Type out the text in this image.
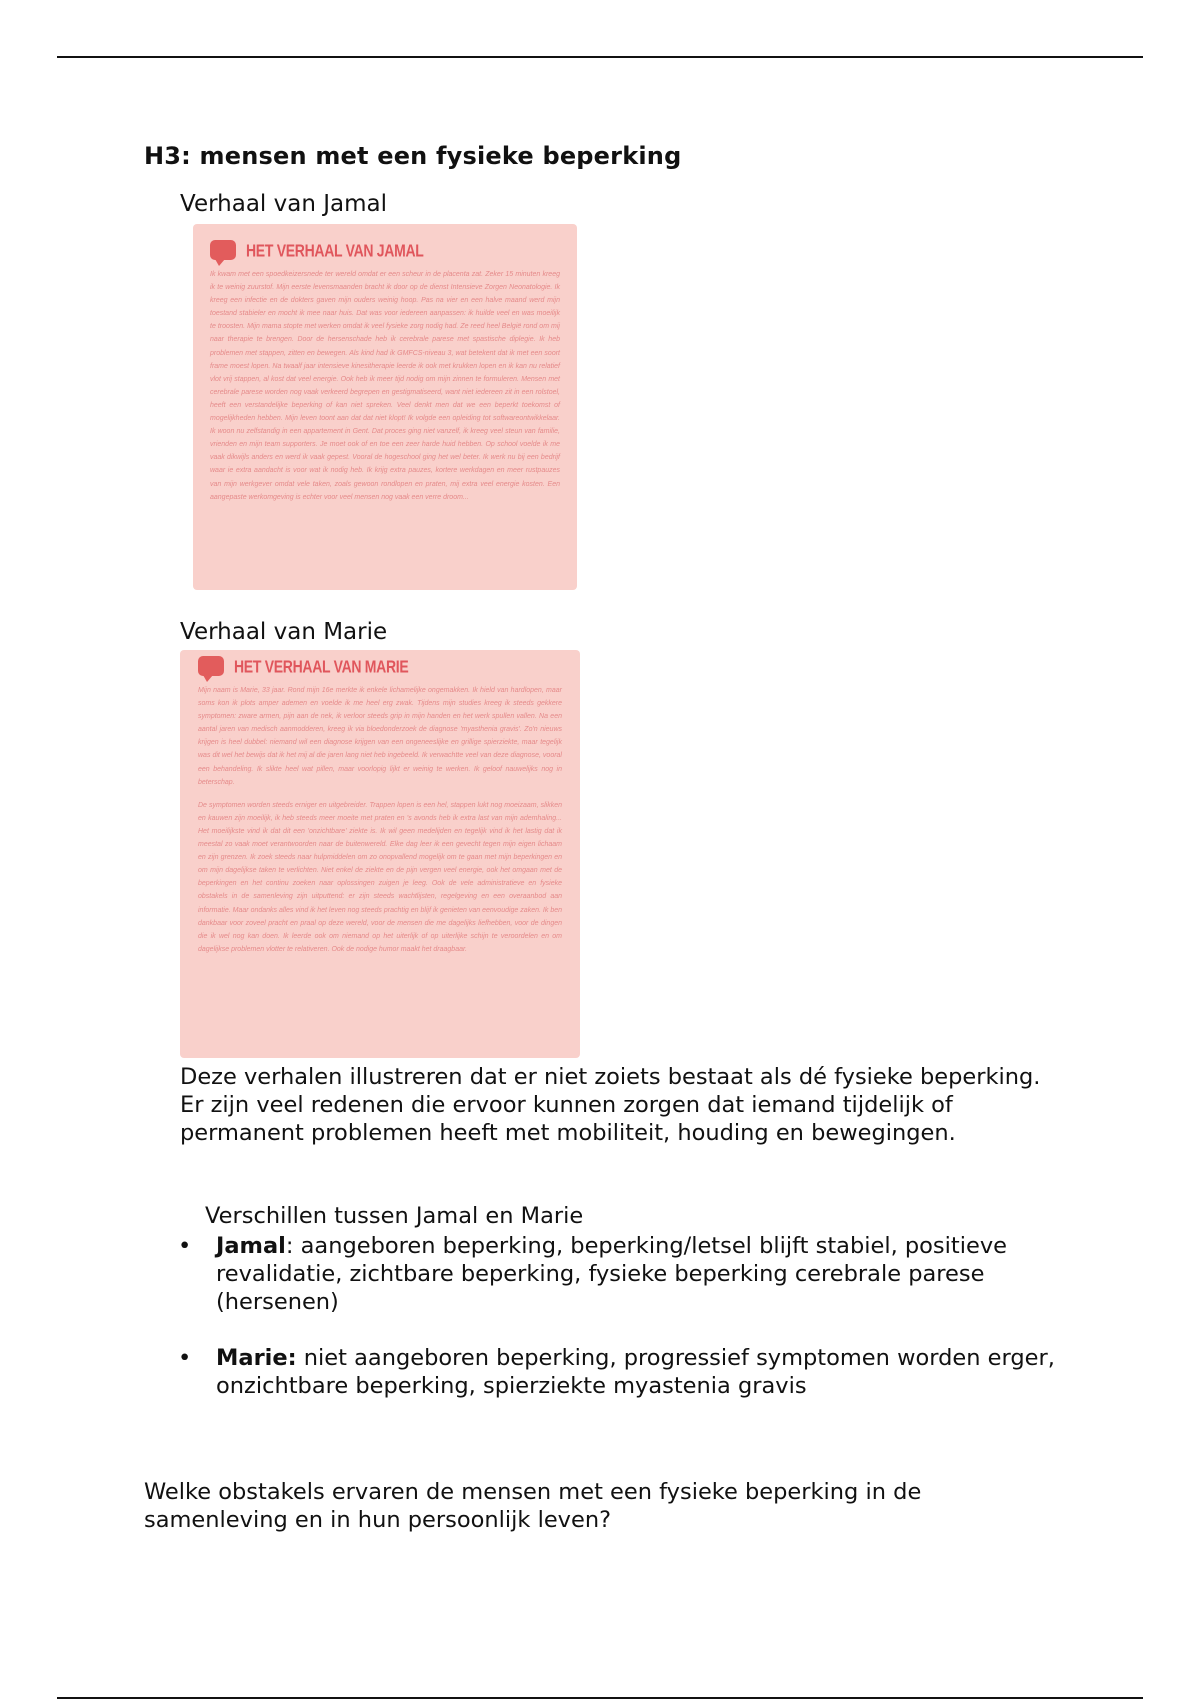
H3: mensen met een fysieke beperking
Verhaal van Jamal
HET VERHAAL VAN JAMAL

Ik kwam met een spoedkeizersnede ter wereld omdat er een scheur in de placenta zat. Zeker 15 minuten kreeg ik te weinig zuurstof. Mijn eerste levensmaanden bracht ik door op de dienst Intensieve Zorgen Neonatologie. Ik kreeg een infectie en de dokters gaven mijn ouders weinig hoop. Pas na vier en een halve maand werd mijn toestand stabieler en mocht ik mee naar huis. Dat was voor iedereen aanpassen: ik huilde veel en was moeilijk te troosten. Mijn mama stopte met werken omdat ik veel fysieke zorg nodig had. Ze reed heel België rond om mij naar therapie te brengen. Door de hersenschade heb ik cerebrale parese met spastische diplegie. Ik heb problemen met stappen, zitten en bewegen. Als kind had ik GMFCS-niveau 3, wat betekent dat ik met een soort frame moest lopen. Na twaalf jaar intensieve kinesitherapie leerde ik ook met krukken lopen en ik kan nu relatief vlot vrij stappen, al kost dat veel energie. Ook heb ik meer tijd nodig om mijn zinnen te formuleren. Mensen met cerebrale parese worden nog vaak verkeerd begrepen en gestigmatiseerd, want niet iedereen zit in een rolstoel, heeft een verstandelijke beperking of kan niet spreken. Veel denkt men dat we een beperkt toekomst of mogelijkheden hebben. Mijn leven toont aan dat dat niet klopt! Ik volgde een opleiding tot softwareontwikkelaar. Ik woon nu zelfstandig in een appartement in Gent. Dat proces ging niet vanzelf, ik kreeg veel steun van familie, vrienden en mijn team supporters. Je moet ook of en toe een zeer harde huid hebben. Op school voelde ik me vaak dikwijls anders en werd ik vaak gepest. Vooral de hogeschool ging het wel beter. Ik werk nu bij een bedrijf waar ie extra aandacht is voor wat ik nodig heb. Ik krijg extra pauzes, kortere werkdagen en meer rustpauzes van mijn werkgever omdat vele taken, zoals gewoon rondlopen en praten, mij extra veel energie kosten. Een aangepaste werkomgeving is echter voor veel mensen nog vaak een verre droom...

Verhaal van Marie
HET VERHAAL VAN MARIE

Mijn naam is Marie, 33 jaar. Rond mijn 16e merkte ik enkele lichamelijke ongemakken. Ik hield van hardlopen, maar soms kon ik plots amper ademen en voelde ik me heel erg zwak. Tijdens mijn studies kreeg ik steeds gekkere symptomen: zware armen, pijn aan de nek, ik verloor steeds grip in mijn handen en het werk spullen vallen. Na een aantal jaren van medisch aanmodderen, kreeg ik via bloedonderzoek de diagnose 'myasthenia gravis'. Zo'n nieuws krijgen is heel dubbel: niemand wil een diagnose krijgen van een ongeneeslijke en grillige spierziekte, maar tegelijk was dit wel het bewijs dat ik het mij al die jaren lang niet heb ingebeeld. Ik verwachtte veel van deze diagnose, vooral een behandeling. Ik slikte heel wat pillen, maar voorlopig lijkt er weinig te werken. Ik geloof nauwelijks nog in beterschap.

De symptomen worden steeds erniger en uitgebreider. Trappen lopen is een hel, stappen lukt nog moeizaam, slikken en kauwen zijn moeilijk, ik heb steeds meer moeite met praten en 's avonds heb ik extra last van mijn ademhaling... Het moeilijkste vind ik dat dit een 'onzichtbare' ziekte is. Ik wil geen medelijden en tegelijk vind ik het lastig dat ik meestal zo vaak moet verantwoorden naar de buitenwereld. Elke dag leer ik een gevecht tegen mijn eigen lichaam en zijn grenzen. Ik zoek steeds naar hulpmiddelen om zo onopvallend mogelijk om te gaan met mijn beperkingen en om mijn dagelijkse taken te verlichten. Niet enkel de ziekte en de pijn vergen veel energie, ook het omgaan met de beperkingen en het continu zoeken naar oplossingen zuigen je leeg. Ook de vele administratieve en fysieke obstakels in de samenleving zijn uitputtend: er zijn steeds wachtlijsten, regelgeving en een overaanbod aan informatie. Maar ondanks alles vind ik het leven nog steeds prachtig en blijf ik genieten van eenvoudige zaken. Ik ben dankbaar voor zoveel pracht en praal op deze wereld, voor de mensen die me dagelijks liefhebben, voor de dingen die ik wel nog kan doen. Ik leerde ook om niemand op het uiterlijk of op uiterlijke schijn te veroordelen en om dagelijkse problemen vlotter te relativeren. Ook de nodige humor maakt het draagbaar.

Deze verhalen illustreren dat er niet zoiets bestaat als dé fysieke beperking.
Er zijn veel redenen die ervoor kunnen zorgen dat iemand tijdelijk of permanent problemen heeft met mobiliteit, houding en bewegingen.
Verschillen tussen Jamal en Marie
• Jamal: aangeboren beperking, beperking/letsel blijft stabiel, positieve revalidatie, zichtbare beperking, fysieke beperking cerebrale parese (hersenen)
• Marie: niet aangeboren beperking, progressief symptomen worden erger, onzichtbare beperking, spierziekte myastenia gravis
Welke obstakels ervaren de mensen met een fysieke beperking in de samenleving en in hun persoonlijk leven?
